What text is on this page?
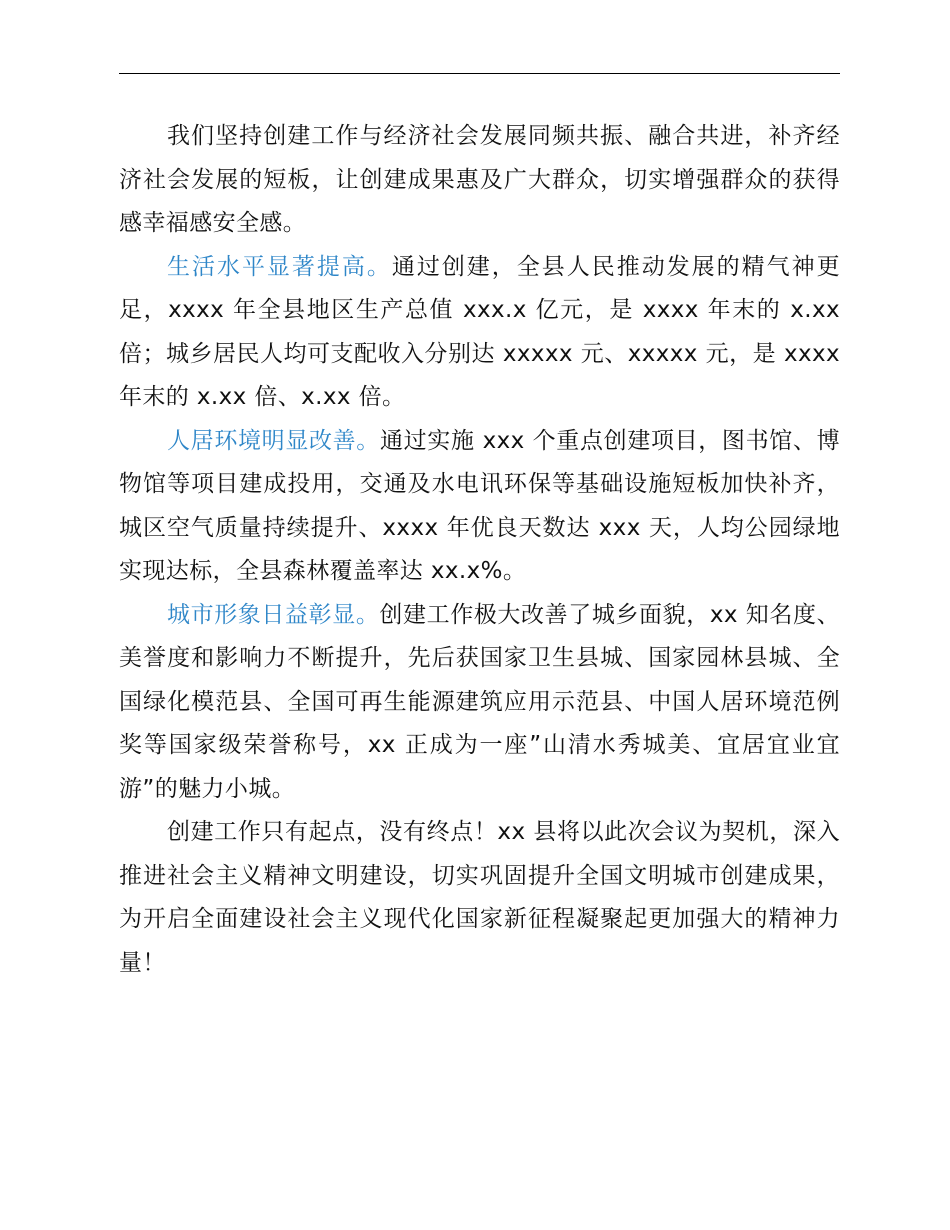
我们坚持创建工作与经济社会发展同频共振、融合共进，补齐经济社会发展的短板，让创建成果惠及广大群众，切实增强群众的获得感幸福感安全感。

生活水平显著提高。通过创建，全县人民推动发展的精气神更足，xxxx 年全县地区生产总值 xxx.x 亿元，是 xxxx 年末的 x.xx 倍；城乡居民人均可支配收入分别达 xxxxx 元、xxxxx 元，是 xxxx 年末的 x.xx 倍、x.xx 倍。

人居环境明显改善。通过实施 xxx 个重点创建项目，图书馆、博物馆等项目建成投用，交通及水电讯环保等基础设施短板加快补齐，城区空气质量持续提升、xxxx 年优良天数达 xxx 天，人均公园绿地实现达标，全县森林覆盖率达 xx.x%。

城市形象日益彰显。创建工作极大改善了城乡面貌，xx 知名度、美誉度和影响力不断提升，先后获国家卫生县城、国家园林县城、全国绿化模范县、全国可再生能源建筑应用示范县、中国人居环境范例奖等国家级荣誉称号，xx 正成为一座”山清水秀城美、宜居宜业宜游”的魅力小城。

创建工作只有起点，没有终点！xx 县将以此次会议为契机，深入推进社会主义精神文明建设，切实巩固提升全国文明城市创建成果，为开启全面建设社会主义现代化国家新征程凝聚起更加强大的精神力量！
